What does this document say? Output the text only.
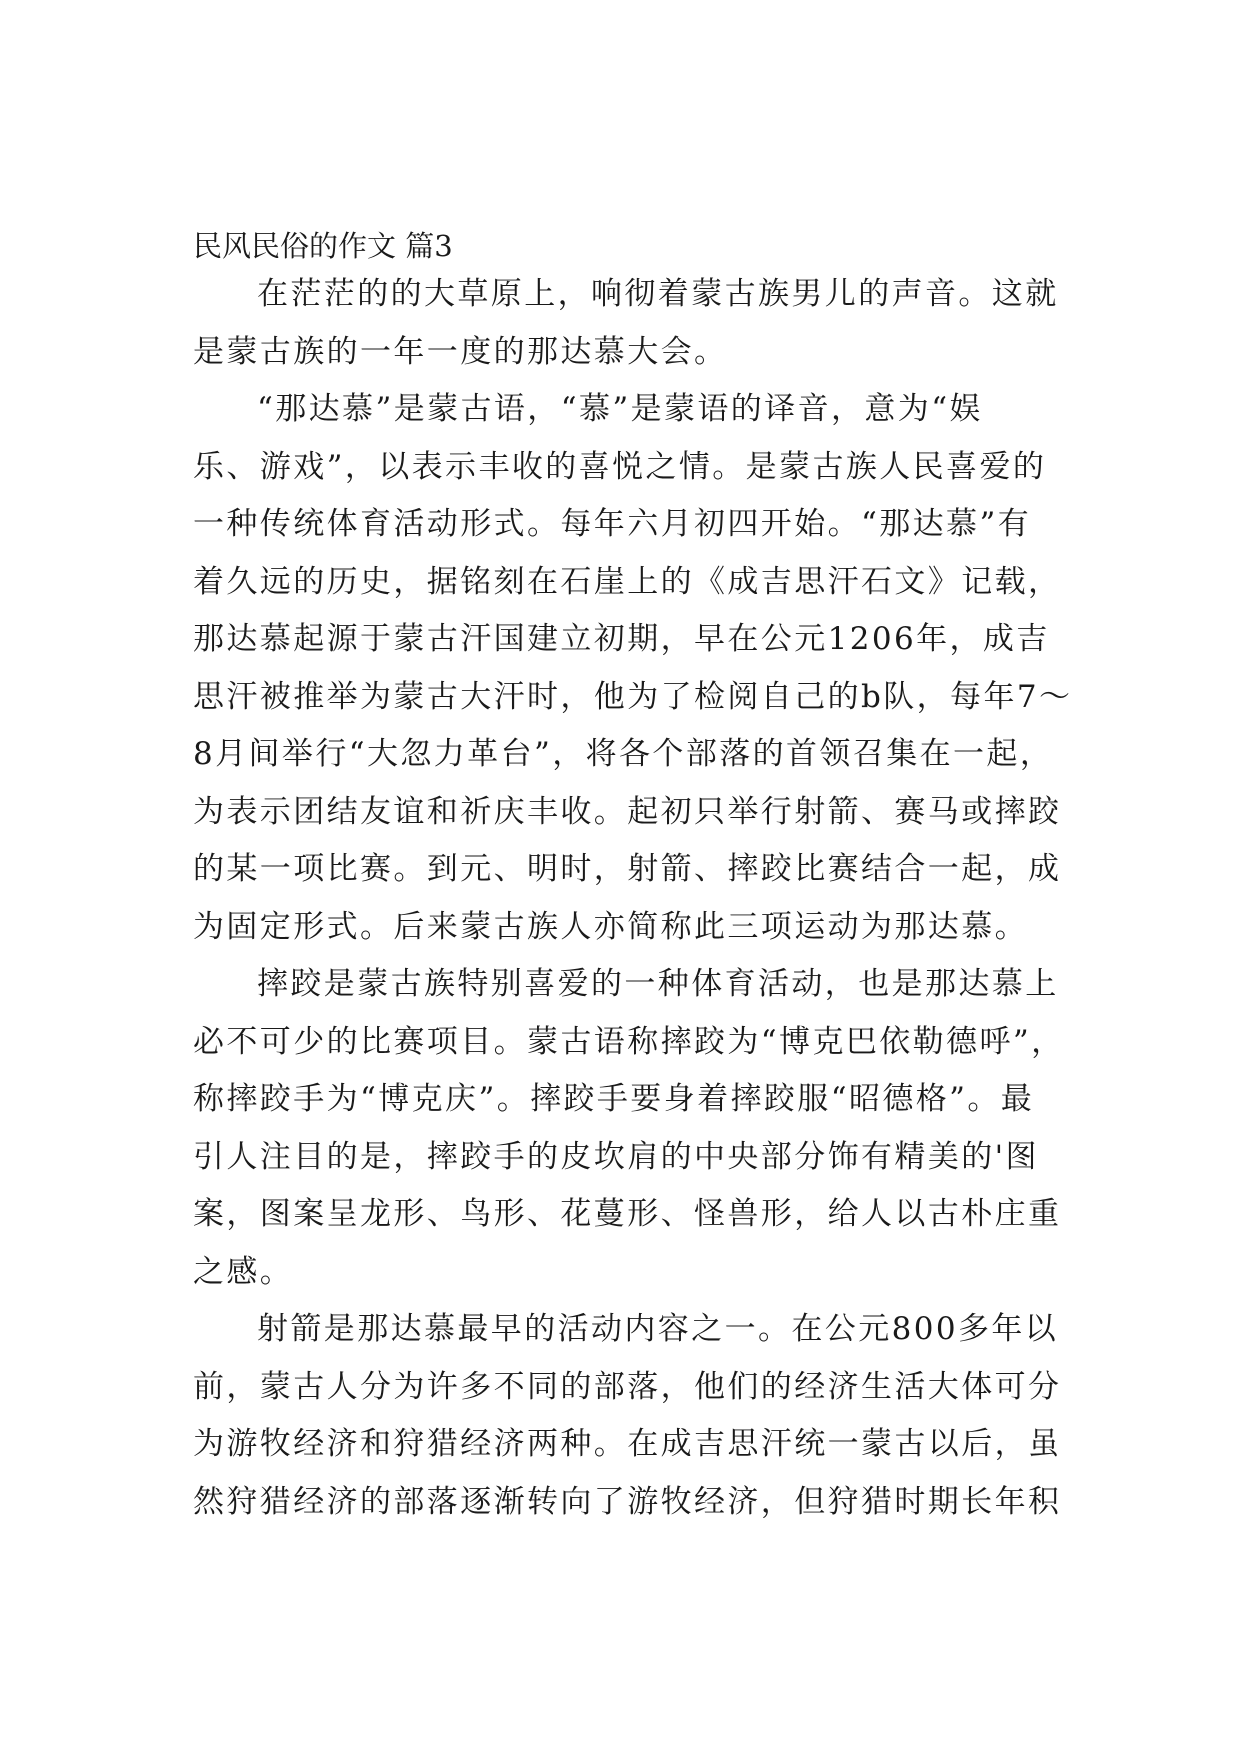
民风民俗的作文 篇3

在茫茫的的大草原上，响彻着蒙古族男儿的声音。这就
是蒙古族的一年一度的那达慕大会。

“那达慕”是蒙古语，“慕”是蒙语的译音，意为“娱
乐、游戏”，以表示丰收的喜悦之情。是蒙古族人民喜爱的
一种传统体育活动形式。每年六月初四开始。“那达慕”有
着久远的历史，据铭刻在石崖上的《成吉思汗石文》记载，
那达慕起源于蒙古汗国建立初期，早在公元1206年，成吉
思汗被推举为蒙古大汗时，他为了检阅自己的b队，每年7～
8月间举行“大忽力革台”，将各个部落的首领召集在一起，
为表示团结友谊和祈庆丰收。起初只举行射箭、赛马或摔跤
的某一项比赛。到元、明时，射箭、摔跤比赛结合一起，成
为固定形式。后来蒙古族人亦简称此三项运动为那达慕。

摔跤是蒙古族特别喜爱的一种体育活动，也是那达慕上
必不可少的比赛项目。蒙古语称摔跤为“博克巴依勒德呼”，
称摔跤手为“博克庆”。摔跤手要身着摔跤服“昭德格”。最
引人注目的是，摔跤手的皮坎肩的中央部分饰有精美的'图
案，图案呈龙形、鸟形、花蔓形、怪兽形，给人以古朴庄重
之感。

射箭是那达慕最早的活动内容之一。在公元800多年以
前，蒙古人分为许多不同的部落，他们的经济生活大体可分
为游牧经济和狩猎经济两种。在成吉思汗统一蒙古以后，虽
然狩猎经济的部落逐渐转向了游牧经济，但狩猎时期长年积
